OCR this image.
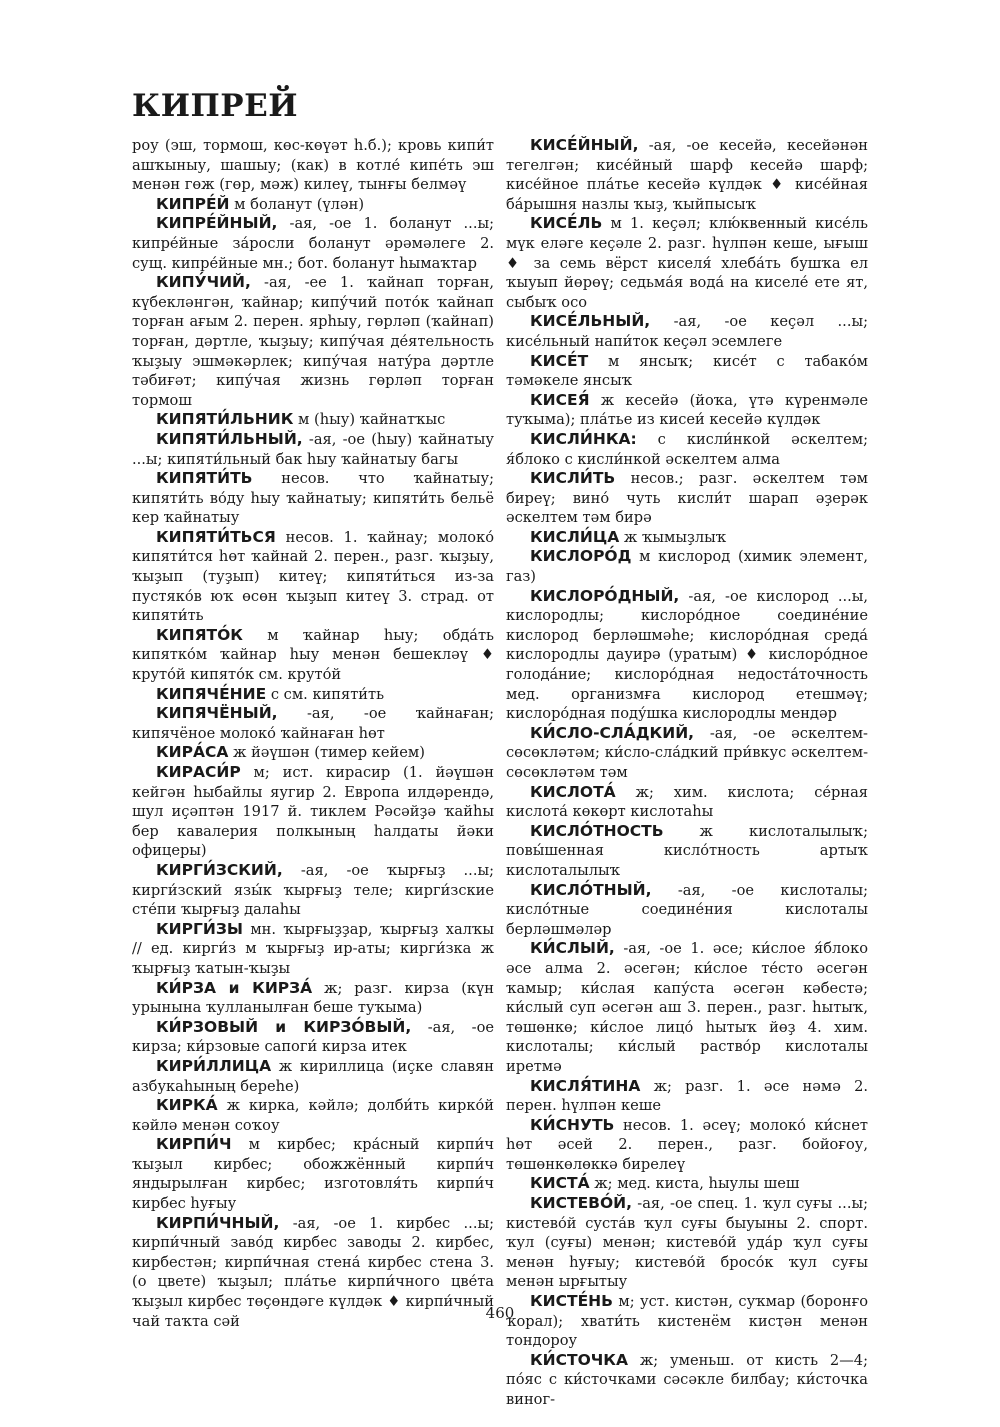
КИПРЕЙ

роу (эш, тормош, көс-көүәт һ.б.); кровь кипи́т ашҡыныу, шашыу; (как) в котле́ кипе́ть эш менән гөж (гөр, мәж) килеү, тынғы белмәү

КИПРЕ́Й м боланут (үлән)

КИПРЕ́ЙНЫЙ, -ая, -ое 1. боланут ...ы; кипре́йные за́росли боланут әрәмәлеге 2. сущ. кипре́йные мн.; бот. боланут һымаҡтар

КИПУ́ЧИЙ, -ая, -ее 1. ҡайнап торған, күбекләнгән, ҡайнар; кипу́чий пото́к ҡайнап торған ағым 2. перен. ярһыу, гөрләп (ҡайнап) торған, дәртле, ҡыҙыу; кипу́чая де́ятельность ҡыҙыу эшмәкәрлек; кипу́чая нату́ра дәртле тәбиғәт; кипу́чая жизнь гөрләп торған тормош

КИПЯТИ́ЛЬНИК м (һыу) ҡайнатҡыс

КИПЯТИ́ЛЬНЫЙ, -ая, -ое (һыу) ҡайнатыу ...ы; кипяти́льный бак һыу ҡайнатыу багы

КИПЯТИ́ТЬ несов. что ҡайнатыу; кипяти́ть во́ду һыу ҡайнатыу; кипяти́ть бельё кер ҡайнатыу

КИПЯТИ́ТЬСЯ несов. 1. ҡайнау; молоко́ кипяти́тся һөт ҡайнай 2. перен., разг. ҡыҙыу, ҡыҙып (туҙып) китеү; кипяти́ться из-за пустяко́в юҡ өсөн ҡыҙып китеү 3. страд. от кипяти́ть

КИПЯТО́К м ҡайнар һыу; обда́ть кипятко́м ҡайнар һыу менән бешекләү ♦ круто́й кипято́к см. круто́й

КИПЯЧЕ́НИЕ с см. кипяти́ть

КИПЯЧЁНЫЙ, -ая, -ое ҡайнаған; кипячёное молоко́ ҡайнаған һөт

КИРА́СА ж йәүшән (тимер кейем)

КИРАСИ́Р м; ист. кирасир (1. йәүшән кейгән һыбайлы яугир 2. Европа илдәрендә, шул иҫәптән 1917 й. тиклем Рәсәйҙә ҡайһы бер кавалерия полкының һалдаты йәки офицеры)

КИРГИ́ЗСКИЙ, -ая, -ое ҡырғыҙ ...ы; кирги́зский язы́к ҡырғыҙ теле; кирги́зские сте́пи ҡырғыҙ далаһы

КИРГИ́ЗЫ мн. ҡырғыҙҙар, ҡырғыҙ халҡы // ед. кирги́з м ҡырғыҙ ир-аты; кирги́зка ж ҡырғыҙ ҡатын-ҡыҙы

КИ́РЗА и КИРЗА́ ж; разг. кирза (күн урынына ҡулланылған беше туҡыма)

КИ́РЗОВЫЙ и КИРЗО́ВЫЙ, -ая, -ое кирза; ки́рзовые сапоги́ кирза итек

КИРИ́ЛЛИЦА ж кириллица (иҫке славян азбукаһының береһе)

КИРКА́ ж кирка, кәйлә; долби́ть кирко́й кәйлә менән соҡоу

КИРПИ́Ч м кирбес; кра́сный кирпи́ч ҡыҙыл кирбес; обожжённый кирпи́ч яндырылған кирбес; изготовля́ть кирпи́ч кирбес һуғыу

КИРПИ́ЧНЫЙ, -ая, -ое 1. кирбес ...ы; кирпи́чный заво́д кирбес заводы 2. кирбес, кирбестән; кирпи́чная стена́ кирбес стена 3. (о цвете) ҡыҙыл; пла́тье кирпи́чного цве́та ҡыҙыл кирбес төҫөндәге күлдәк ♦ кирпи́чный чай таҡта сәй

КИСЕ́ЙНЫЙ, -ая, -ое кесейә, кесейәнән тегелгән; кисе́йный шарф кесейә шарф; кисе́йное пла́тье кесейә күлдәк ♦ кисе́йная ба́рышня назлы ҡыҙ, ҡыйпысыҡ

КИСЕ́ЛЬ м 1. кеҫәл; клю́квенный кисе́ль мүк еләге кеҫәле 2. разг. һүлпән кеше, ығыш ♦ за семь вёрст киселя́ хлеба́ть бушҡа ел ҡыуып йөрөү; седьма́я вода́ на киселе́ ете ят, сыбыҡ осо

КИСЕ́ЛЬНЫЙ, -ая, -ое кеҫәл ...ы; кисе́льный напи́ток кеҫәл эсемлеге

КИСЕ́Т м янсыҡ; кисе́т с табако́м тәмәкеле янсыҡ

КИСЕЯ́ ж кесейә (йоҡа, үтә күренмәле туҡыма); пла́тье из кисеи́ кесейә күлдәк

КИСЛИ́НКА: с кисли́нкой әскелтем; я́блоко с кисли́нкой әскелтем алма

КИСЛИ́ТЬ несов.; разг. әскелтем тәм биреү; вино́ чуть кисли́т шарап әҙерәк әскелтем тәм бирә

КИСЛИ́ЦА ж ҡымыҙлыҡ

КИСЛОРО́Д м кислород (химик элемент, газ)

КИСЛОРО́ДНЫЙ, -ая, -ое кислород ...ы, кислородлы; кислоро́дное соедине́ние кислород берләшмәһе; кислоро́дная среда́ кислородлы дауирә (уратым) ♦ кислоро́дное голода́ние; кислоро́дная недоста́точность мед. организмға кислород етешмәү; кислоро́дная поду́шка кислородлы мендәр

КИ́СЛО-СЛА́ДКИЙ, -ая, -ое әскелтем-сөсөкләтәм; ки́сло-сла́дкий при́вкус әскелтем-сөсөкләтәм тәм

КИСЛОТА́ ж; хим. кислота; се́рная кислота́ көкөрт кислотаһы

КИСЛО́ТНОСТЬ ж кислоталылыҡ; повы́шенная кисло́тность артыҡ кислоталылыҡ

КИСЛО́ТНЫЙ, -ая, -ое кислоталы; кисло́тные соедине́ния кислоталы берләшмәләр

КИ́СЛЫЙ, -ая, -ое 1. әсе; ки́слое я́блоко әсе алма 2. әсегән; ки́слое те́сто әсегән ҡамыр; ки́слая капу́ста әсегән кәбестә; ки́слый суп әсегән аш 3. перен., разг. һытыҡ, төшөнкө; ки́слое лицо́ һытыҡ йөҙ 4. хим. кислоталы; ки́слый раство́р кислоталы иретмә

КИСЛЯ́ТИНА ж; разг. 1. әсе нәмә 2. перен. һүлпән кеше

КИ́СНУТЬ несов. 1. әсеү; молоко́ ки́снет һөт әсей 2. перен., разг. бойоғоу, төшөнкөлөккә бирелеү

КИСТА́ ж; мед. киста, һыулы шеш

КИСТЕВО́Й, -ая, -ое спец. 1. ҡул суғы ...ы; кистево́й суста́в ҡул суғы быуыны 2. спорт. ҡул (суғы) менән; кистево́й уда́р ҡул суғы менән һуғыу; кистево́й бросо́к ҡул суғы менән ырғытыу

КИСТЕ́НЬ м; уст. кистән, суҡмар (боронғо ҡорал); хвати́ть кистенём кисҭән менән тондороу

КИ́СТОЧКА ж; уменьш. от кисть 2—4; по́яс с ки́сточками сәсәкле билбау; ки́сточка виног-

460
